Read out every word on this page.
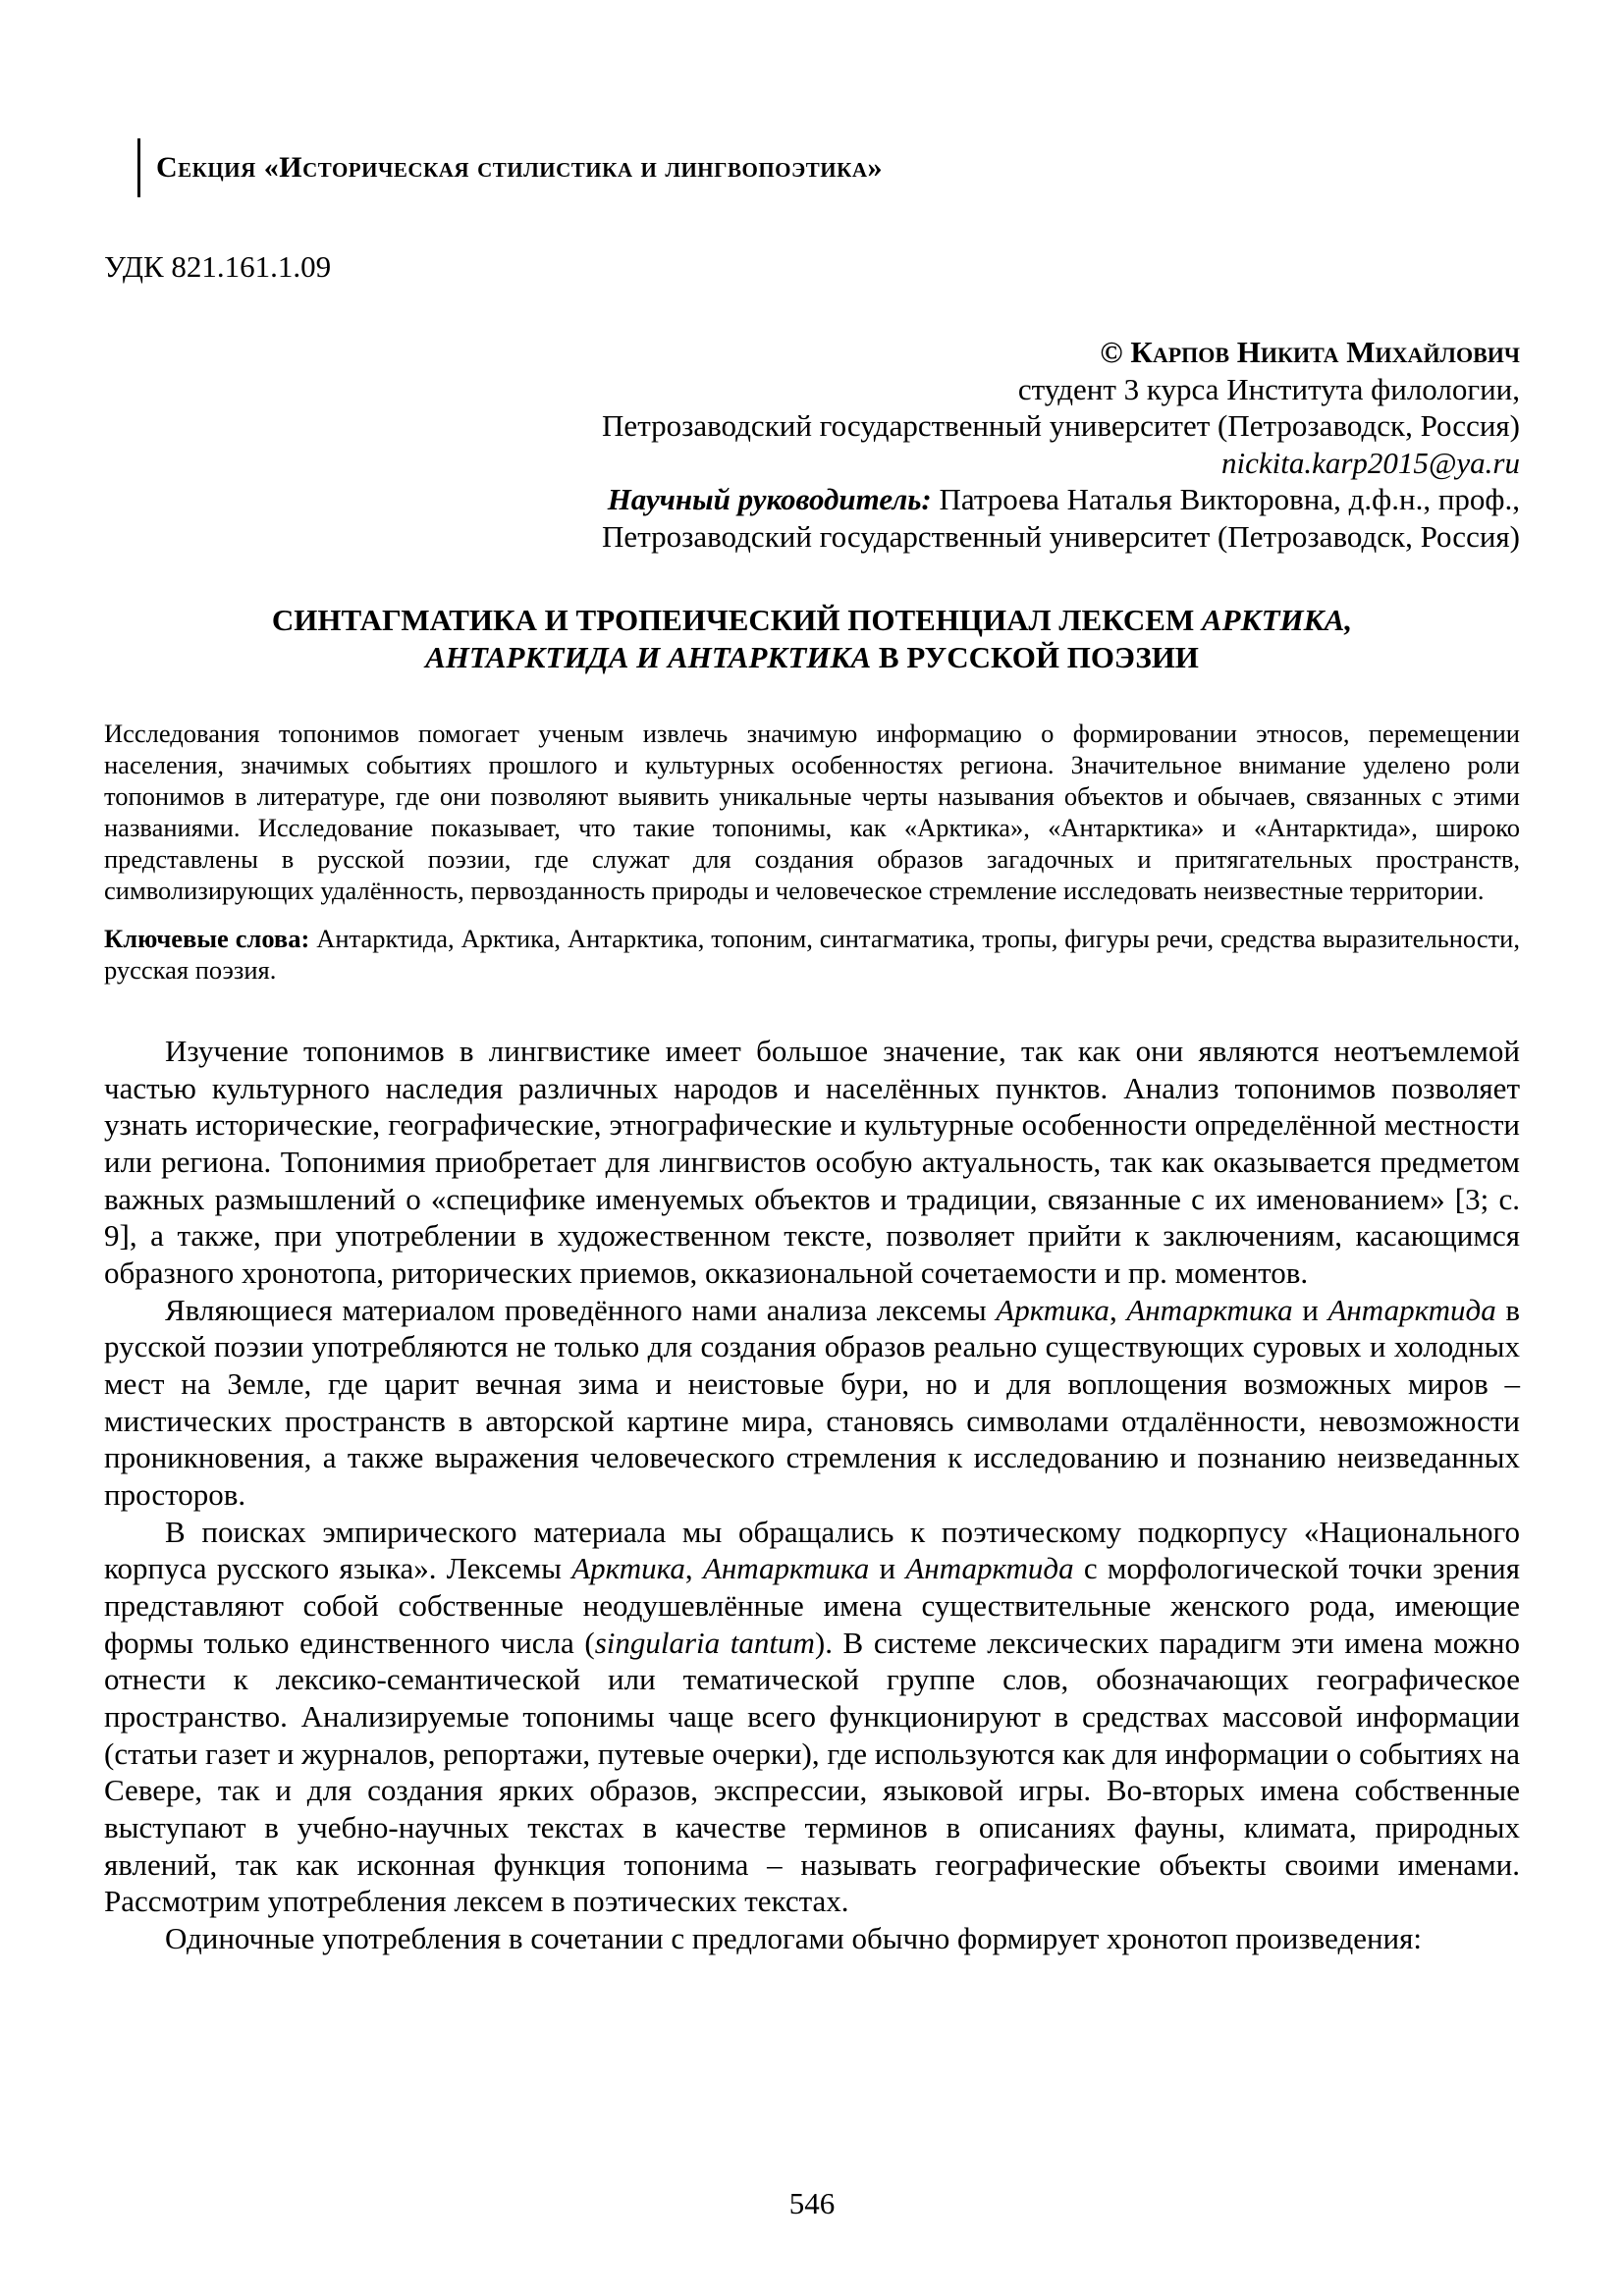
Секция «Историческая стилистика и лингвопоэтика»
УДК 821.161.1.09
© Карпов Никита Михайлович
студент 3 курса Института филологии,
Петрозаводский государственный университет (Петрозаводск, Россия)
nickita.karp2015@ya.ru
Научный руководитель: Патроева Наталья Викторовна, д.ф.н., проф.,
Петрозаводский государственный университет (Петрозаводск, Россия)
СИНТАГМАТИКА И ТРОПЕИЧЕСКИЙ ПОТЕНЦИАЛ ЛЕКСЕМ АРКТИКА,
АНТАРКТИДА И АНТАРКТИКА В РУССКОЙ ПОЭЗИИ
Исследования топонимов помогает ученым извлечь значимую информацию о формировании этносов, перемещении населения, значимых событиях прошлого и культурных особенностях региона. Значительное внимание уделено роли топонимов в литературе, где они позволяют выявить уникальные черты называния объектов и обычаев, связанных с этими названиями. Исследование показывает, что такие топонимы, как «Арктика», «Антарктика» и «Антарктида», широко представлены в русской поэзии, где служат для создания образов загадочных и притягательных пространств, символизирующих удалённость, первозданность природы и человеческое стремление исследовать неизвестные территории.
Ключевые слова: Антарктида, Арктика, Антарктика, топоним, синтагматика, тропы, фигуры речи, средства выразительности, русская поэзия.

Изучение топонимов в лингвистике имеет большое значение, так как они являются неотъемлемой частью культурного наследия различных народов и населённых пунктов. Анализ топонимов позволяет узнать исторические, географические, этнографические и культурные особенности определённой местности или региона. Топонимия приобретает для лингвистов особую актуальность, так как оказывается предметом важных размышлений о «специфике именуемых объектов и традиции, связанные с их именованием» [3; с. 9], а также, при употреблении в художественном тексте, позволяет прийти к заключениям, касающимся образного хронотопа, риторических приемов, окказиональной сочетаемости и пр. моментов.

Являющиеся материалом проведённого нами анализа лексемы Арктика, Антарктика и Антарктида в русской поэзии употребляются не только для создания образов реально существующих суровых и холодных мест на Земле, где царит вечная зима и неистовые бури, но и для воплощения возможных миров – мистических пространств в авторской картине мира, становясь символами отдалённости, невозможности проникновения, а также выражения человеческого стремления к исследованию и познанию неизведанных просторов.

В поисках эмпирического материала мы обращались к поэтическому подкорпусу «Национального корпуса русского языка». Лексемы Арктика, Антарктика и Антарктида с морфологической точки зрения представляют собой собственные неодушевлённые имена существительные женского рода, имеющие формы только единственного числа (singularia tantum). В системе лексических парадигм эти имена можно отнести к лексико-семантической или тематической группе слов, обозначающих географическое пространство. Анализируемые топонимы чаще всего функционируют в средствах массовой информации (статьи газет и журналов, репортажи, путевые очерки), где используются как для информации о событиях на Севере, так и для создания ярких образов, экспрессии, языковой игры. Во-вторых имена собственные выступают в учебно-научных текстах в качестве терминов в описаниях фауны, климата, природных явлений, так как исконная функция топонима – называть географические объекты своими именами. Рассмотрим употребления лексем в поэтических текстах.

Одиночные употребления в сочетании с предлогами обычно формирует хронотоп произведения:

546
